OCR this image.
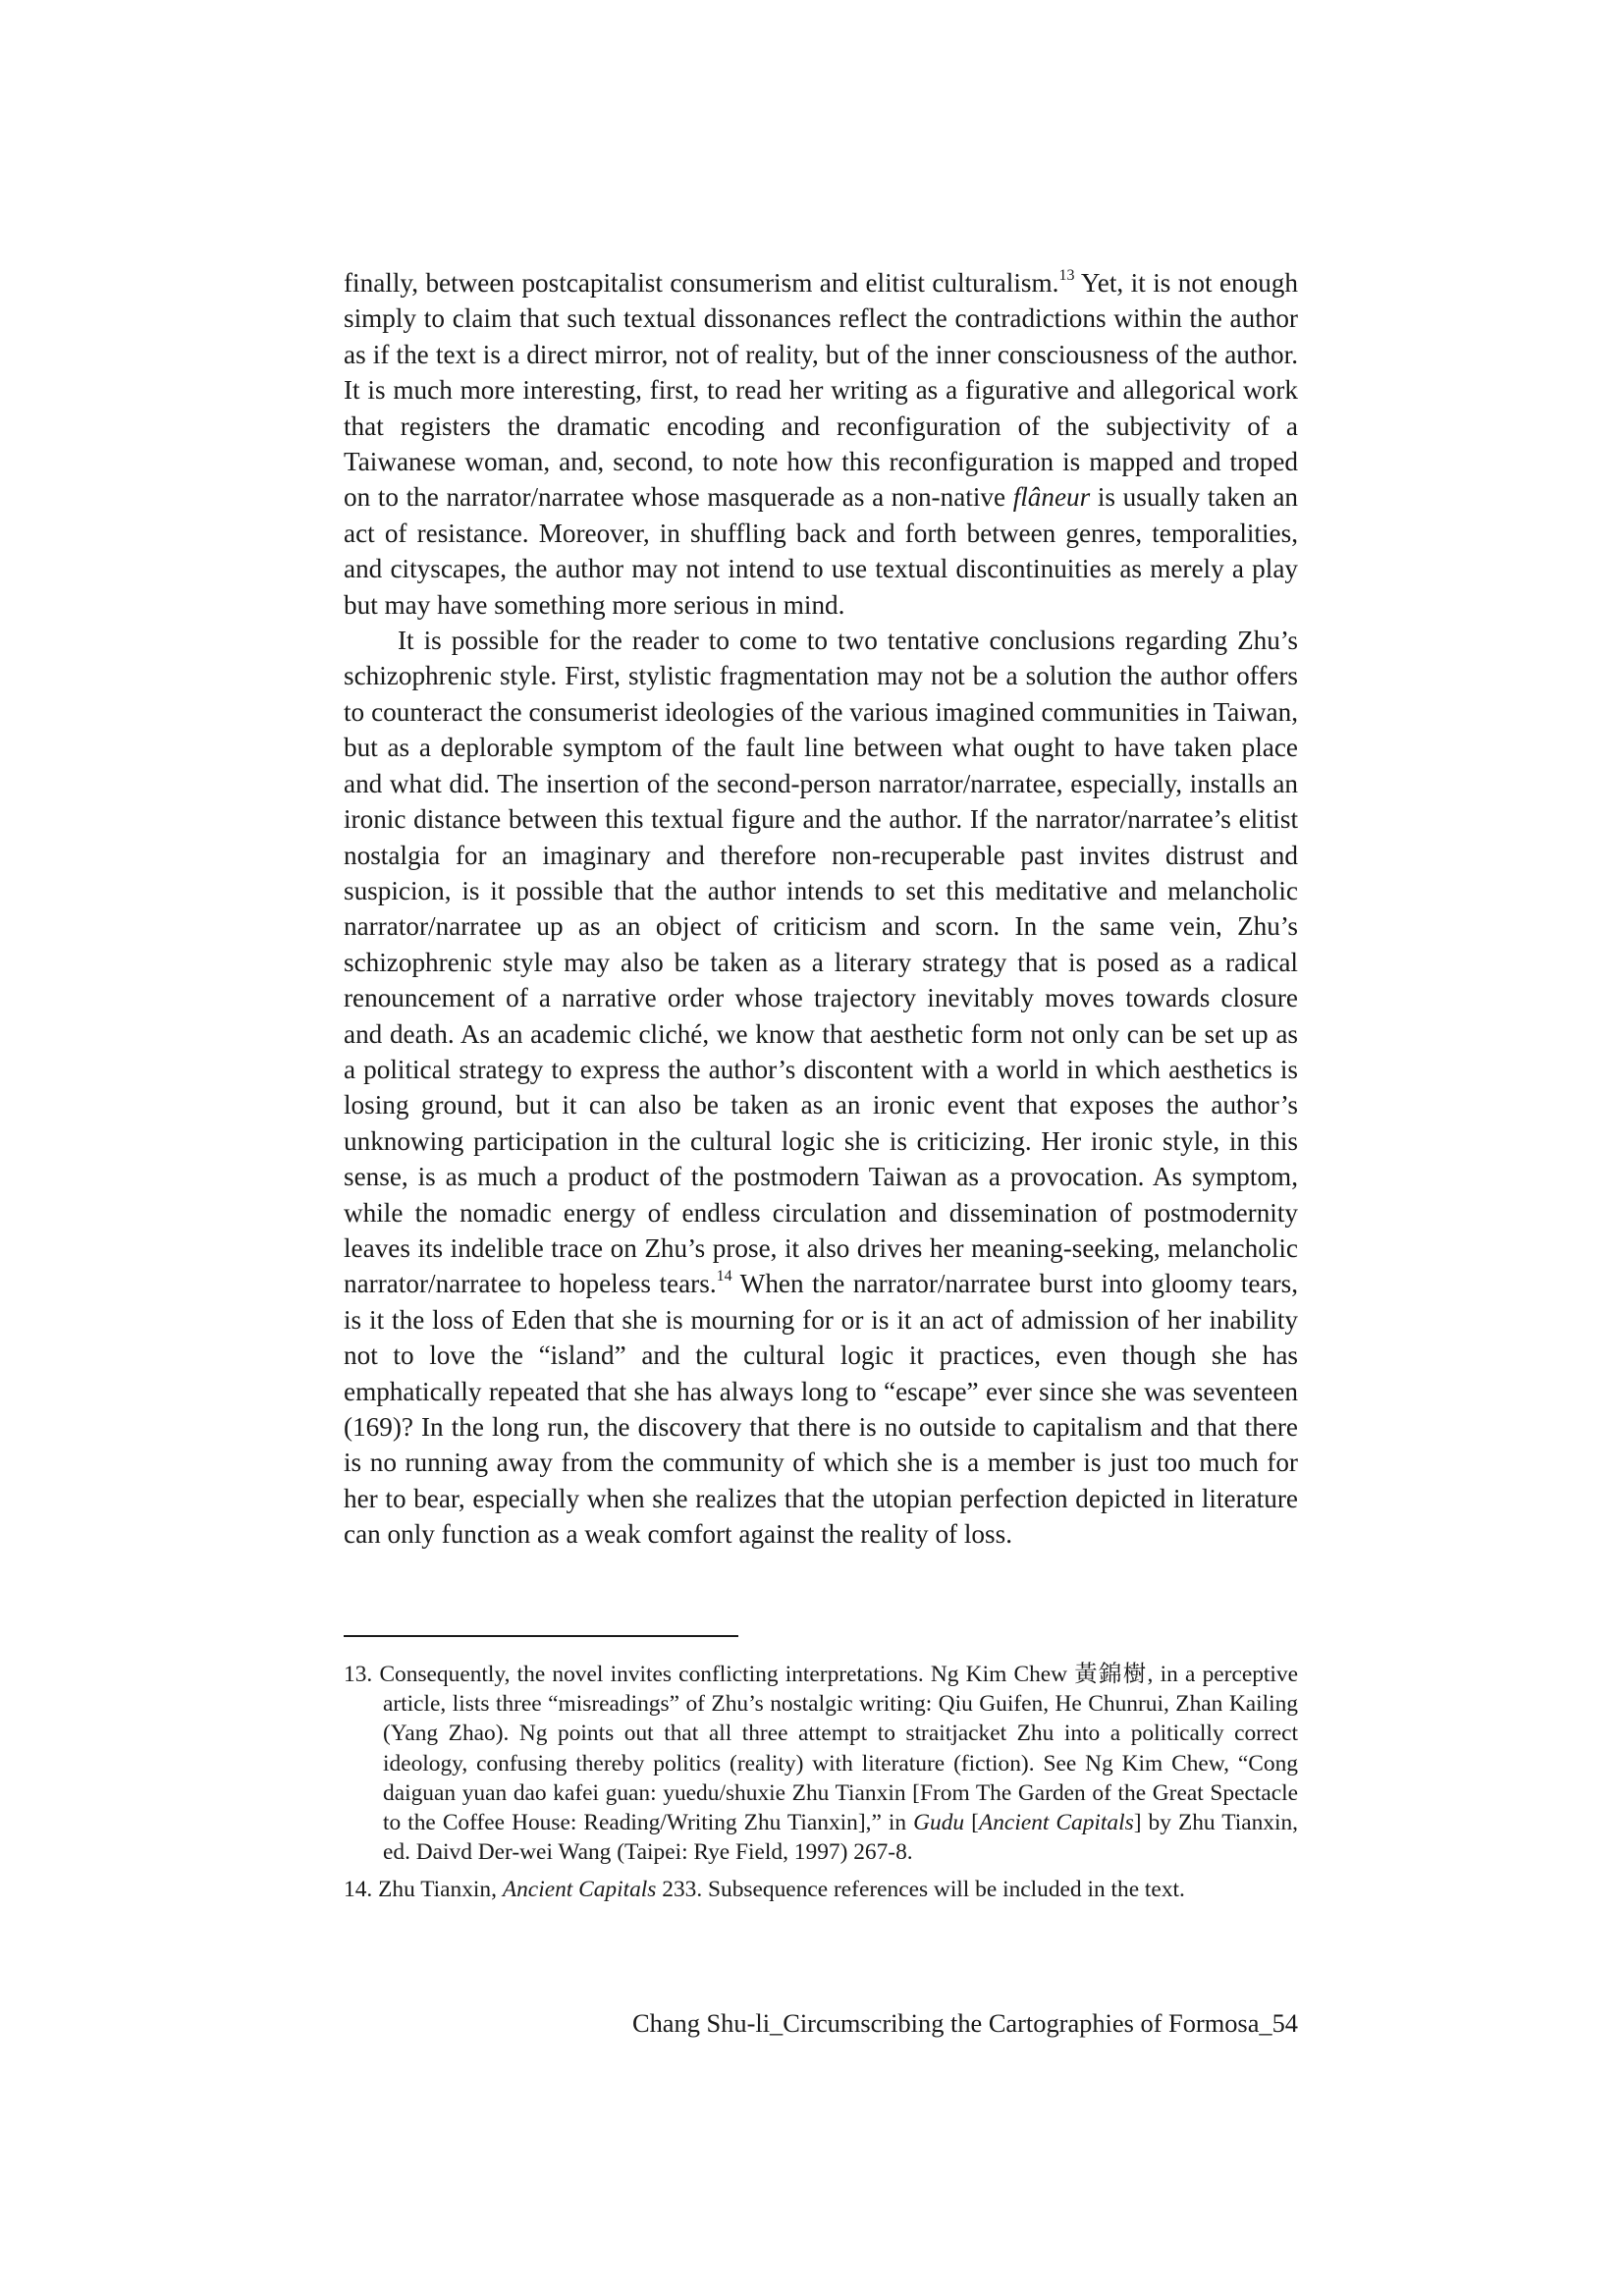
finally, between postcapitalist consumerism and elitist culturalism.$^{13}$ Yet, it is not enough simply to claim that such textual dissonances reflect the contradictions within the author as if the text is a direct mirror, not of reality, but of the inner consciousness of the author. It is much more interesting, first, to read her writing as a figurative and allegorical work that registers the dramatic encoding and reconfiguration of the subjectivity of a Taiwanese woman, and, second, to note how this reconfiguration is mapped and troped on to the narrator/narratee whose masquerade as a non-native flâneur is usually taken an act of resistance. Moreover, in shuffling back and forth between genres, temporalities, and cityscapes, the author may not intend to use textual discontinuities as merely a play but may have something more serious in mind.

It is possible for the reader to come to two tentative conclusions regarding Zhu’s schizophrenic style. First, stylistic fragmentation may not be a solution the author offers to counteract the consumerist ideologies of the various imagined communities in Taiwan, but as a deplorable symptom of the fault line between what ought to have taken place and what did. The insertion of the second-person narrator/narratee, especially, installs an ironic distance between this textual figure and the author. If the narrator/narratee’s elitist nostalgia for an imaginary and therefore non-recuperable past invites distrust and suspicion, is it possible that the author intends to set this meditative and melancholic narrator/narratee up as an object of criticism and scorn. In the same vein, Zhu’s schizophrenic style may also be taken as a literary strategy that is posed as a radical renouncement of a narrative order whose trajectory inevitably moves towards closure and death. As an academic cliché, we know that aesthetic form not only can be set up as a political strategy to express the author’s discontent with a world in which aesthetics is losing ground, but it can also be taken as an ironic event that exposes the author’s unknowing participation in the cultural logic she is criticizing. Her ironic style, in this sense, is as much a product of the postmodern Taiwan as a provocation. As symptom, while the nomadic energy of endless circulation and dissemination of postmodernity leaves its indelible trace on Zhu’s prose, it also drives her meaning-seeking, melancholic narrator/narratee to hopeless tears.$^{14}$ When the narrator/narratee burst into gloomy tears, is it the loss of Eden that she is mourning for or is it an act of admission of her inability not to love the “island” and the cultural logic it practices, even though she has emphatically repeated that she has always long to “escape” ever since she was seventeen (169)? In the long run, the discovery that there is no outside to capitalism and that there is no running away from the community of which she is a member is just too much for her to bear, especially when she realizes that the utopian perfection depicted in literature can only function as a weak comfort against the reality of loss.

13. Consequently, the novel invites conflicting interpretations. Ng Kim Chew 黃錦樹, in a perceptive article, lists three “misreadings” of Zhu’s nostalgic writing: Qiu Guifen, He Chunrui, Zhan Kailing (Yang Zhao). Ng points out that all three attempt to straitjacket Zhu into a politically correct ideology, confusing thereby politics (reality) with literature (fiction). See Ng Kim Chew, “Cong daiguan yuan dao kafei guan: yuedu/shuxie Zhu Tianxin [From The Garden of the Great Spectacle to the Coffee House: Reading/Writing Zhu Tianxin],” in Gudu [Ancient Capitals] by Zhu Tianxin, ed. Daivd Der-wei Wang (Taipei: Rye Field, 1997) 267-8.

14. Zhu Tianxin, Ancient Capitals 233. Subsequence references will be included in the text.

Chang Shu-li_Circumscribing the Cartographies of Formosa_54
